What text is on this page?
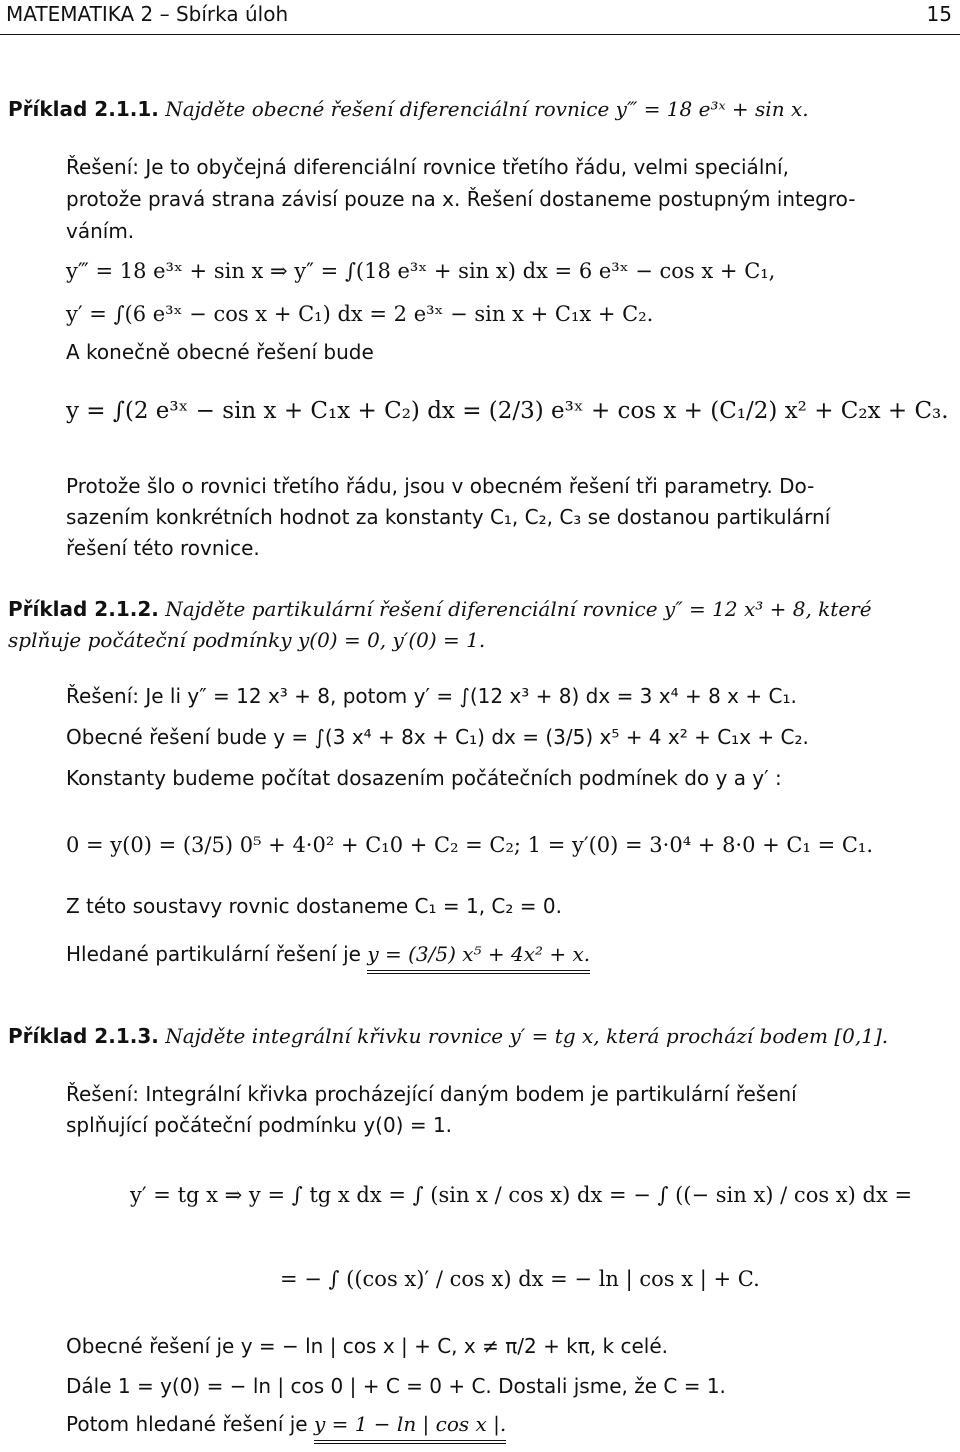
MATEMATIKA 2 – Sbírka úloh	15
Příklad 2.1.1. Najděte obecné řešení diferenciální rovnice y‴ = 18 e³ˣ + sin x.
Řešení: Je to obyčejná diferenciální rovnice třetího řádu, velmi speciální,
protože pravá strana závisí pouze na x. Řešení dostaneme postupným integro-
váním.
y‴ = 18 e³ˣ + sin x ⇒ y″ = ∫(18 e³ˣ + sin x) dx = 6 e³ˣ − cos x + C₁,
y′ = ∫(6 e³ˣ − cos x + C₁) dx = 2 e³ˣ − sin x + C₁x + C₂.
A konečně obecné řešení bude
y = ∫(2 e³ˣ − sin x + C₁x + C₂) dx = (2/3) e³ˣ + cos x + (C₁/2) x² + C₂x + C₃.
Protože šlo o rovnici třetího řádu, jsou v obecném řešení tři parametry. Do-
sazením konkrétních hodnot za konstanty C₁, C₂, C₃ se dostanou partikulární
řešení této rovnice.
Příklad 2.1.2. Najděte partikulární řešení diferenciální rovnice y″ = 12 x³ + 8, které
splňuje počáteční podmínky y(0) = 0, y′(0) = 1.
Řešení: Je li y″ = 12 x³ + 8, potom y′ = ∫(12 x³ + 8) dx = 3 x⁴ + 8 x + C₁.
Obecné řešení bude y = ∫(3 x⁴ + 8x + C₁) dx = (3/5) x⁵ + 4 x² + C₁x + C₂.
Konstanty budeme počítat dosazením počátečních podmínek do y a y′ :
0 = y(0) = (3/5) 0⁵ + 4·0² + C₁0 + C₂ = C₂; 1 = y′(0) = 3·0⁴ + 8·0 + C₁ = C₁.
Z této soustavy rovnic dostaneme C₁ = 1, C₂ = 0.
Hledané partikulární řešení je y = (3/5) x⁵ + 4x² + x.
Příklad 2.1.3. Najděte integrální křivku rovnice y′ = tg x, která prochází bodem [0,1].
Řešení: Integrální křivka procházející daným bodem je partikulární řešení
splňující počáteční podmínku y(0) = 1.
y′ = tg x ⇒ y = ∫ tg x dx = ∫ (sin x / cos x) dx = − ∫ ((− sin x) / cos x) dx =
= − ∫ ((cos x)′ / cos x) dx = − ln | cos x | + C.
Obecné řešení je y = − ln | cos x | + C, x ≠ π/2 + kπ, k celé.
Dále 1 = y(0) = − ln | cos 0 | + C = 0 + C. Dostali jsme, že C = 1.
Potom hledané řešení je y = 1 − ln | cos x |.
